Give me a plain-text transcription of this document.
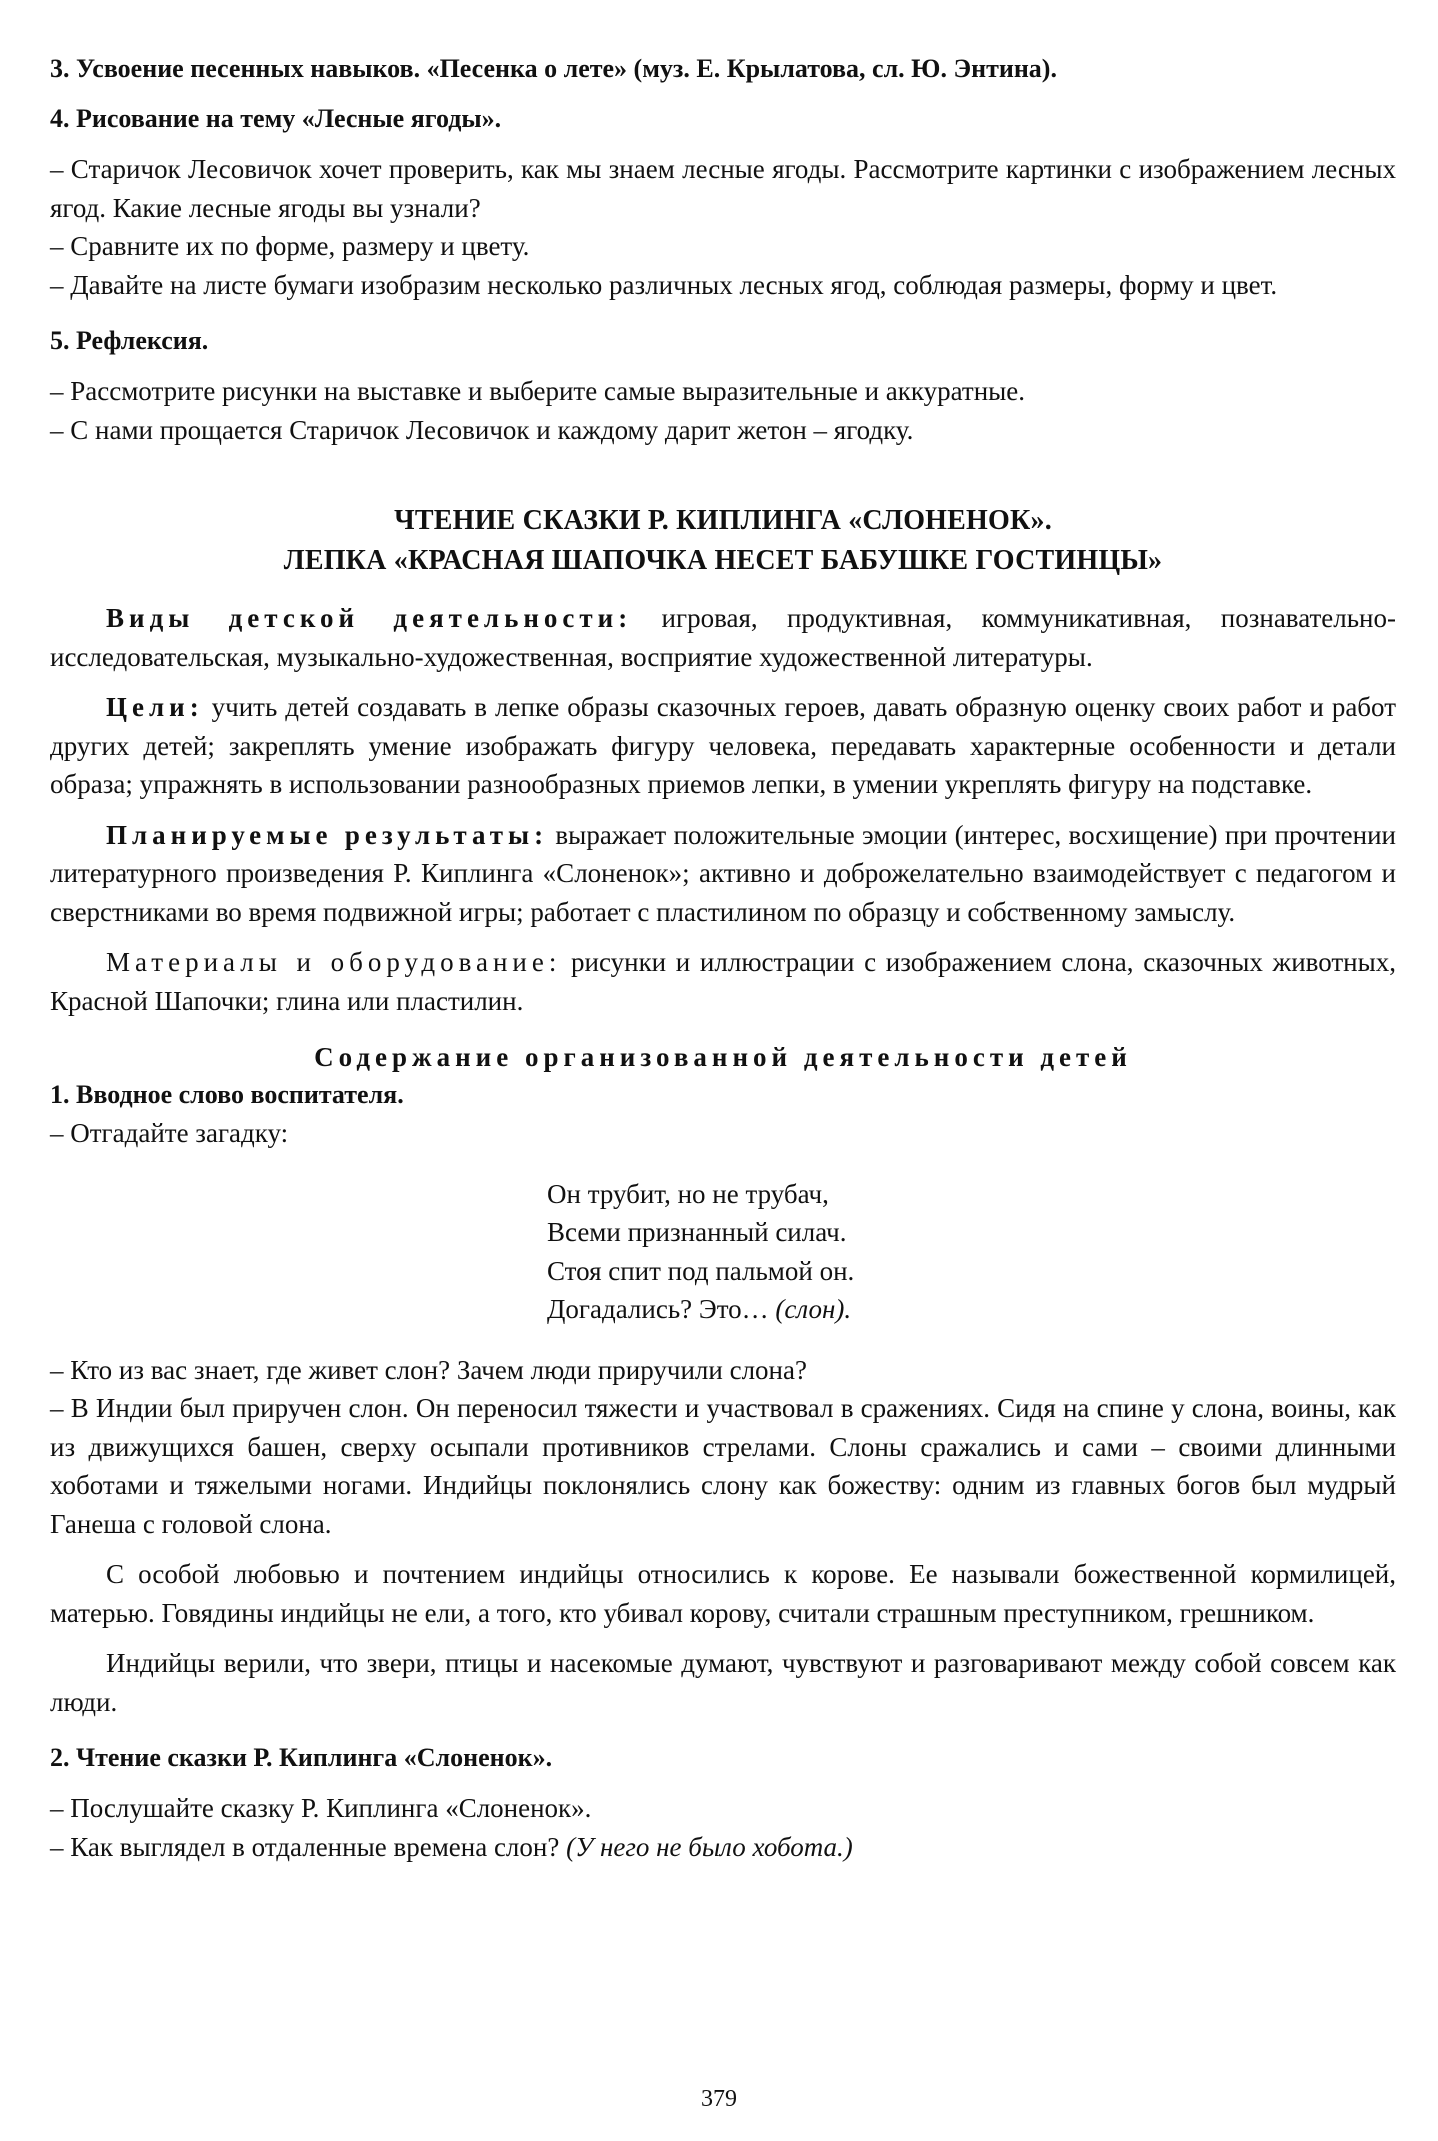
3. Усвоение песенных навыков. «Песенка о лете» (муз. Е. Крылатова, сл. Ю. Энтина).

4. Рисование на тему «Лесные ягоды».

– Старичок Лесовичок хочет проверить, как мы знаем лесные ягоды. Рассмотрите картинки с изображением лесных ягод. Какие лесные ягоды вы узнали?

– Сравните их по форме, размеру и цвету.

– Давайте на листе бумаги изобразим несколько различных лесных ягод, соблюдая размеры, форму и цвет.

5. Рефлексия.

– Рассмотрите рисунки на выставке и выберите самые выразительные и аккуратные.

– С нами прощается Старичок Лесовичок и каждому дарит жетон – ягодку.

ЧТЕНИЕ СКАЗКИ Р. КИПЛИНГА «СЛОНЕНОК».

ЛЕПКА «КРАСНАЯ ШАПОЧКА НЕСЕТ БАБУШКЕ ГОСТИНЦЫ»

Виды детской деятельности: игровая, продуктивная, коммуникативная, познавательно-исследовательская, музыкально-художественная, восприятие художественной литературы.

Цели: учить детей создавать в лепке образы сказочных героев, давать образную оценку своих работ и работ других детей; закреплять умение изображать фигуру человека, передавать характерные особенности и детали образа; упражнять в использовании разнообразных приемов лепки, в умении укреплять фигуру на подставке.

Планируемые результаты: выражает положительные эмоции (интерес, восхищение) при прочтении литературного произведения Р. Киплинга «Слоненок»; активно и доброжелательно взаимодействует с педагогом и сверстниками во время подвижной игры; работает с пластилином по образцу и собственному замыслу.

Материалы и оборудование: рисунки и иллюстрации с изображением слона, сказочных животных, Красной Шапочки; глина или пластилин.

Содержание организованной деятельности детей

1. Вводное слово воспитателя.

– Отгадайте загадку:

Он трубит, но не трубач,

Всеми признанный силач.

Стоя спит под пальмой он.

Догадались? Это… (слон).

– Кто из вас знает, где живет слон? Зачем люди приручили слона?

– В Индии был приручен слон. Он переносил тяжести и участвовал в сражениях. Сидя на спине у слона, воины, как из движущихся башен, сверху осыпали противников стрелами. Слоны сражались и сами – своими длинными хоботами и тяжелыми ногами. Индийцы поклонялись слону как божеству: одним из главных богов был мудрый Ганеша с головой слона.

С особой любовью и почтением индийцы относились к корове. Ее называли божественной кормилицей, матерью. Говядины индийцы не ели, а того, кто убивал корову, считали страшным преступником, грешником.

Индийцы верили, что звери, птицы и насекомые думают, чувствуют и разговаривают между собой совсем как люди.

2. Чтение сказки Р. Киплинга «Слоненок».

– Послушайте сказку Р. Киплинга «Слоненок».

– Как выглядел в отдаленные времена слон? (У него не было хобота.)

379
